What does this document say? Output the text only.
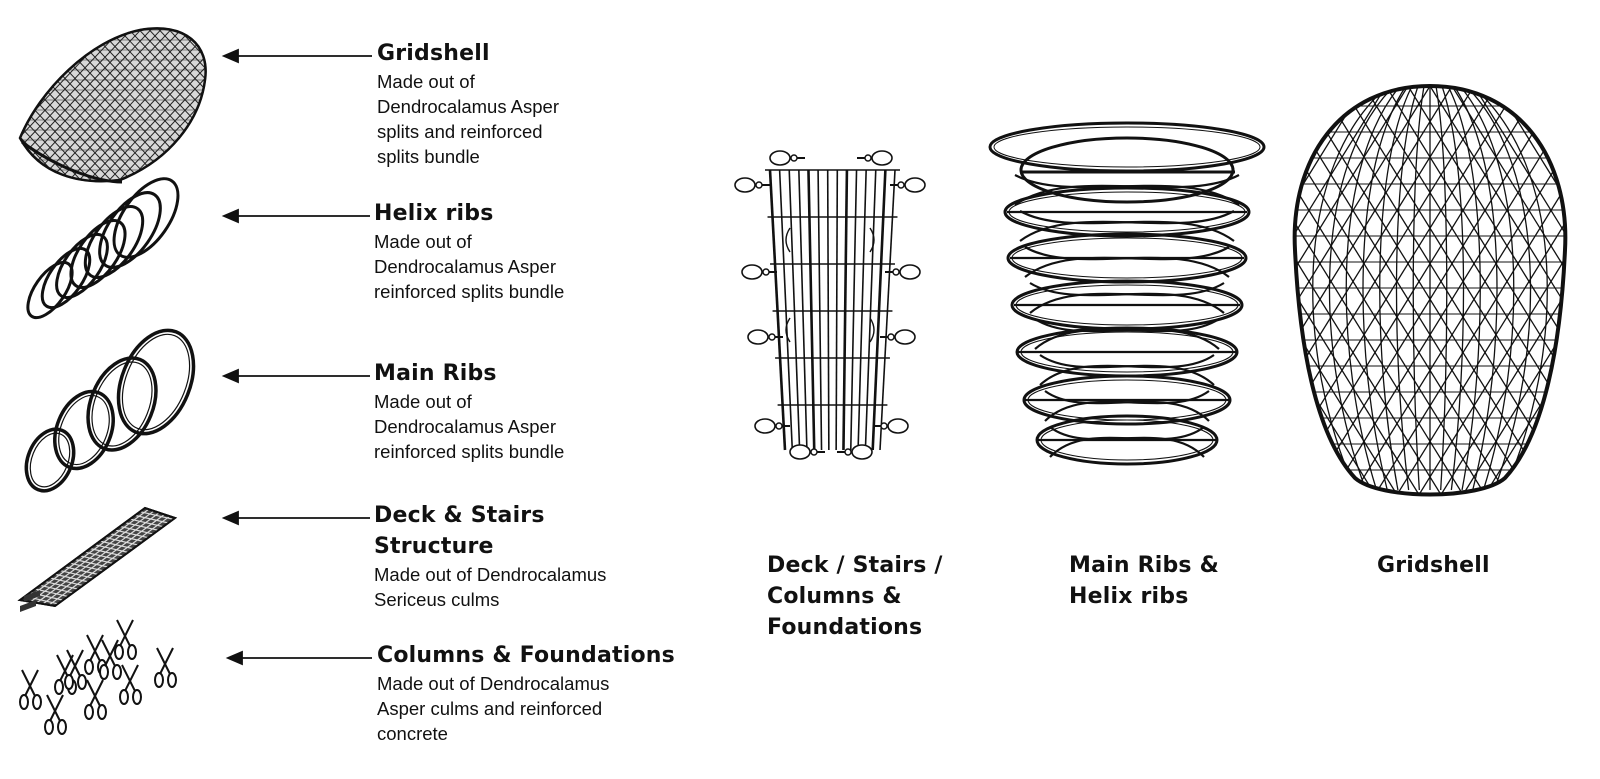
Gridshell
Made out of
Dendrocalamus Asper
splits and reinforced
splits bundle
Helix ribs
Made out of
Dendrocalamus Asper
reinforced splits bundle
Main Ribs
Made out of
Dendrocalamus Asper
reinforced splits bundle
Deck & Stairs
Structure
Made out of Dendrocalamus
Sericeus culms
Columns & Foundations
Made out of Dendrocalamus
Asper culms and reinforced
concrete
Deck / Stairs /
Columns &
Foundations
Main Ribs &
Helix ribs
Gridshell
